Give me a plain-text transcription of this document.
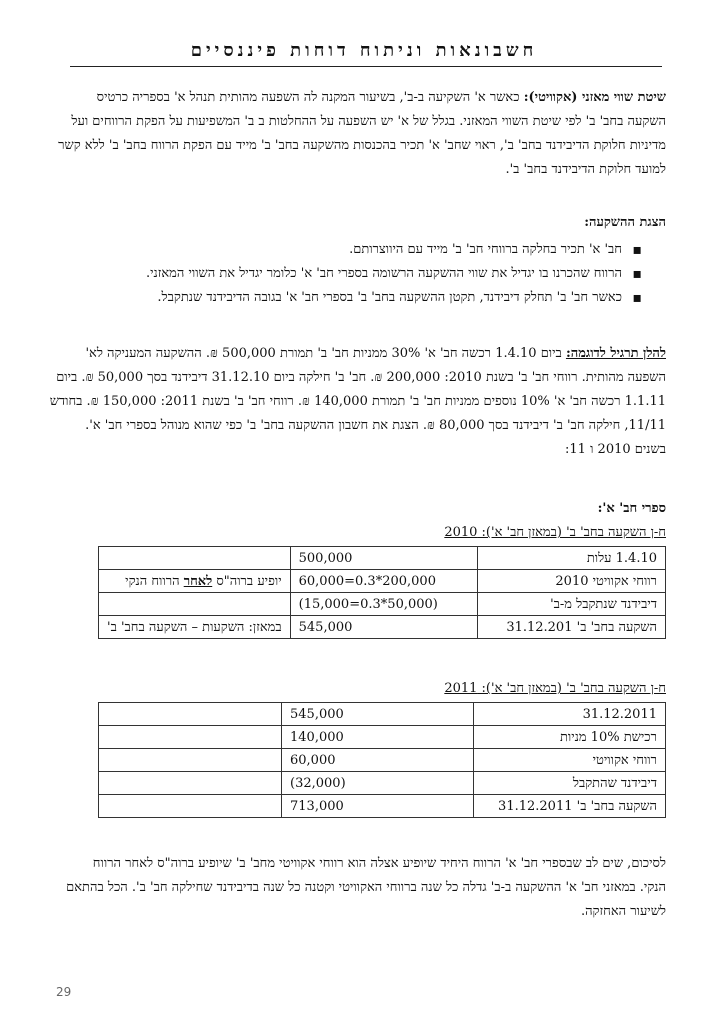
חשבונאות וניתוח דוחות פיננסיים

שיטת שווי מאזני (אקוויטי): כאשר א' השקיעה ב-ב', בשיעור המקנה לה השפעה מהותית תנהל א' בספריה כרטיס

השקעה בחב' ב' לפי שיטת השווי המאזני. בגלל של א' יש השפעה על ההחלטות ב ב' המשפיעות על הפקת הרווחים ועל

מדיניות חלוקת הדיבידנד בחב' ב', ראוי שחב' א' תכיר בהכנסות מהשקעה בחב' ב' מייד עם הפקת הרווח בחב' ב' ללא קשר

למועד חלוקת הדיבידנד בחב' ב'.

הצגת ההשקעה:
▪ חב' א' תכיר בחלקה ברווחי חב' ב' מייד עם היווצרותם.
▪ הרווח שהכרנו בו יגדיל את שווי ההשקעה הרשומה בספרי חב' א' כלומר יגדיל את השווי המאזני.
▪ כאשר חב' ב' תחלק דיבידנד, תקטן ההשקעה בחב' ב' בספרי חב' א' בגובה הדיבידנד שנתקבל.

להלן תרגיל לדוגמה: ביום 1.4.10 רכשה חב' א' 30% ממניות חב' ב' תמורת 500,000 ₪. ההשקעה המעניקה לא'

השפעה מהותית. רווחי חב' ב' בשנת 2010: 200,000 ₪. חב' ב' חילקה ביום 31.12.10 דיבידנד בסך 50,000 ₪. ביום

1.1.11 רכשה חב' א' 10% נוספים ממניות חב' ב' תמורת 140,000 ₪. רווחי חב' ב' בשנת 2011: 150,000 ₪. בחודש

11/11, חילקה חב' ב' דיבידנד בסך 80,000 ₪. הצגת את חשבון ההשקעה בחב' ב' כפי שהוא מנוהל בספרי חב' א'.

בשנים 2010 ו 11:

ספרי חב' א':
ח-ן השקעה בחב' ב' (במאזן חב' א'): 2010
1.4.10 עלות	500,000	
רווחי אקוויטי 2010	200,000*0.3=60,000	יופיע ברוה"ס לאחר הרווח הנקי
דיבידנד שנתקבל מ-ב'	(50,000*0.3=15,000)	
השקעה בחב' ב' 31.12.201	545,000	במאזן: השקעות – השקעה בחב' ב'
ח-ן השקעה בחב' ב' (במאזן חב' א'): 2011
31.12.2011	545,000	
רכישת 10% מניות	140,000	
רווחי אקוויטי	60,000	
דיבידנד שהתקבל	(32,000)	
השקעה בחב' ב' 31.12.2011	713,000	

לסיכום, שים לב שבספרי חב' א' הרווח היחיד שיופיע אצלה הוא רווחי אקוויטי מחב' ב' שיופיע ברוה"ס לאחר הרווח

הנקי. במאזני חב' א' ההשקעה ב-ב' גדלה כל שנה ברווחי האקוויטי וקטנה כל שנה בדיבידנד שחילקה חב' ב'. הכל בהתאם

לשיעור האחזקה.

29
